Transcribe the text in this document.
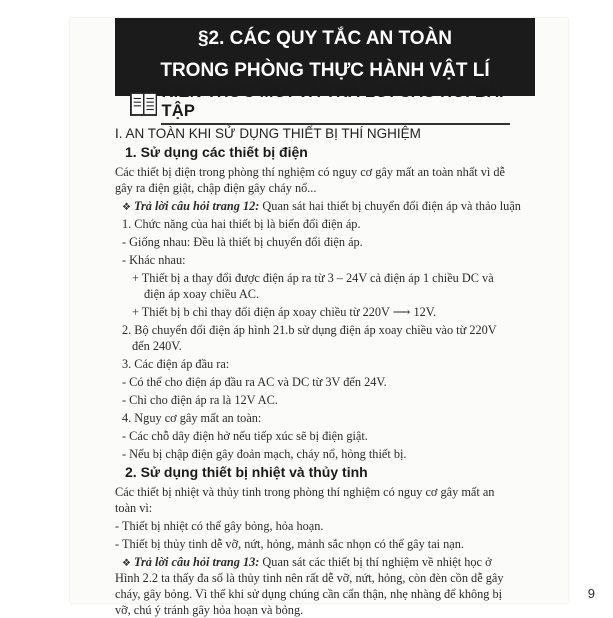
§2. CÁC QUY TẮC AN TOÀN
TRONG PHÒNG THỰC HÀNH VẬT LÍ
KIẾN THỨC MỚI VÀ TRẢ LỜI CÂU HỎI BÀI TẬP
I. AN TOÀN KHI SỬ DỤNG THIẾT BỊ THÍ NGHIỆM
1. Sử dụng các thiết bị điện
Các thiết bị điện trong phòng thí nghiệm có nguy cơ gây mất an toàn nhất vì dễ
gây ra điện giật, chập điện gây cháy nổ...
❖ Trả lời câu hỏi trang 12: Quan sát hai thiết bị chuyển đổi điện áp và thảo luận
1. Chức năng của hai thiết bị là biến đổi điện áp.
- Giống nhau: Đều là thiết bị chuyển đổi điện áp.
- Khác nhau:
+ Thiết bị a thay đổi được điện áp ra từ 3 – 24V cả điện áp 1 chiều DC và
điện áp xoay chiều AC.
+ Thiết bị b chỉ thay đổi điện áp xoay chiều từ 220V ⟶ 12V.
2. Bộ chuyển đổi điện áp hình 21.b sử dụng điện áp xoay chiều vào từ 220V
đến 240V.
3. Các điện áp đầu ra:
- Có thể cho điện áp đầu ra AC và DC từ 3V đến 24V.
- Chỉ cho điện áp ra là 12V AC.
4. Nguy cơ gây mất an toàn:
- Các chỗ dây điện hở nếu tiếp xúc sẽ bị điện giật.
- Nếu bị chập điện gây đoản mạch, cháy nổ, hỏng thiết bị.
2. Sử dụng thiết bị nhiệt và thủy tinh
Các thiết bị nhiệt và thủy tinh trong phòng thí nghiệm có nguy cơ gây mất an
toàn vì:
- Thiết bị nhiệt có thể gây bỏng, hỏa hoạn.
- Thiết bị thủy tinh dễ vỡ, nứt, hỏng, mảnh sắc nhọn có thể gây tai nạn.
❖ Trả lời câu hỏi trang 13: Quan sát các thiết bị thí nghiệm về nhiệt học ở
Hình 2.2 ta thấy đa số là thủy tinh nên rất dễ vỡ, nứt, hỏng, còn đèn cồn dễ gây
cháy, gây bỏng. Vì thế khi sử dụng chúng cần cẩn thận, nhẹ nhàng để không bị
vỡ, chú ý tránh gây hỏa hoạn và bỏng.
9
